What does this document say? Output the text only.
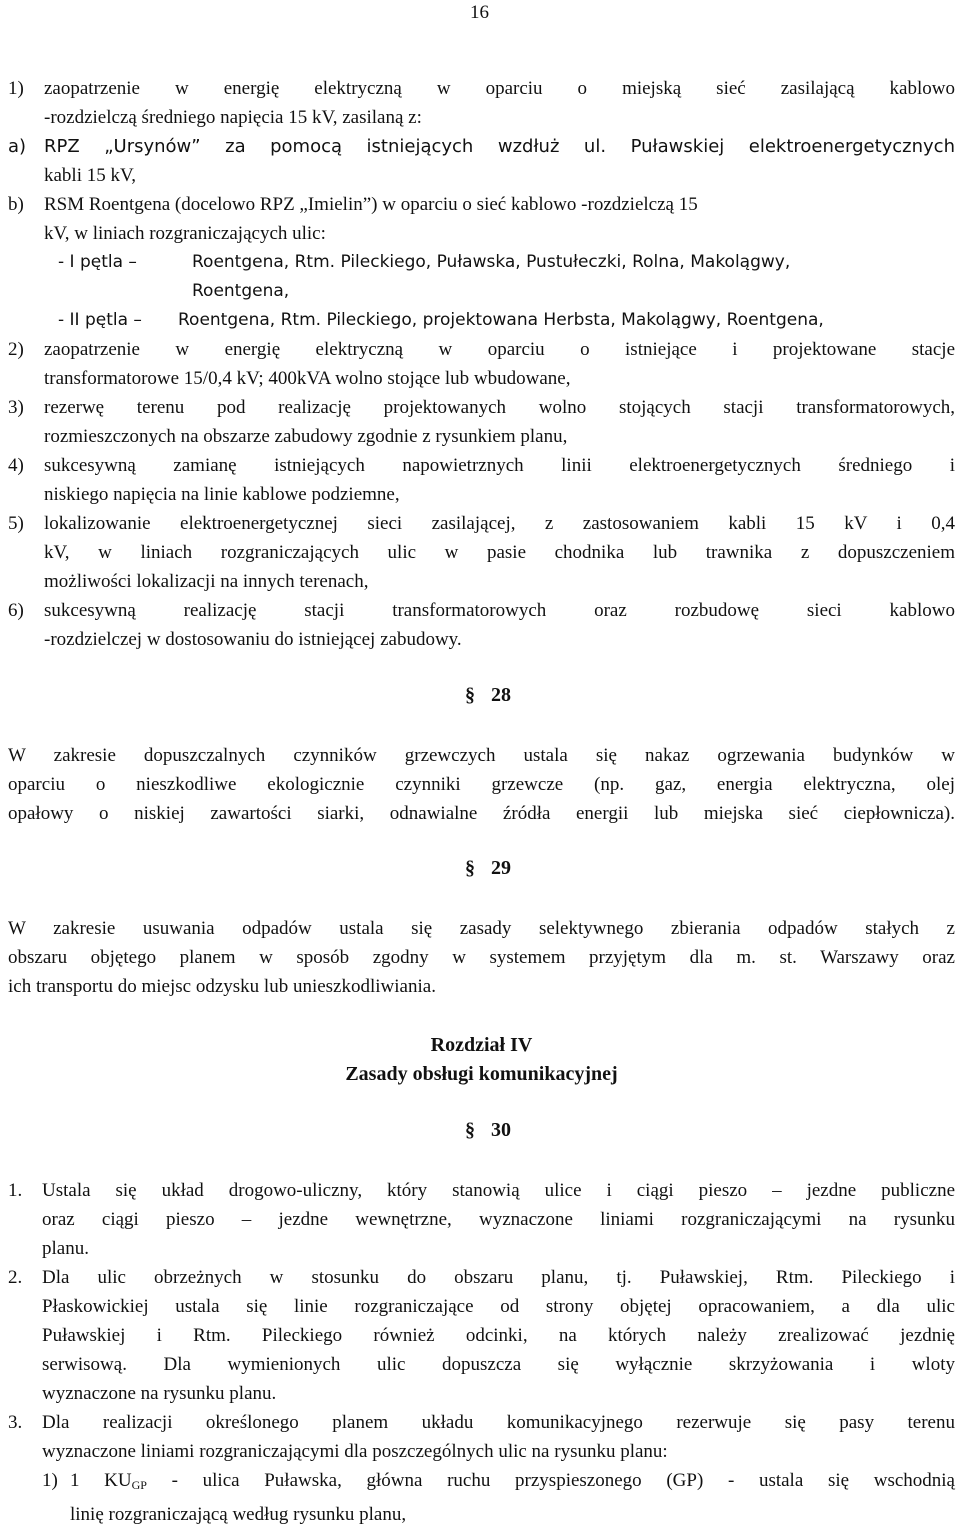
16
1)	zaopatrzenie w energię elektryczną w oparciu o miejską sieć zasilającą kablowo
-rozdzielczą średniego napięcia 15 kV, zasilaną z:
a) RPZ „Ursynów” za pomocą istniejących wzdłuż ul. Puławskiej elektroenergetycznych
kabli 15 kV,
b)	RSM Roentgena (docelowo RPZ „Imielin”) w oparciu o sieć kablowo -rozdzielczą 15
kV, w liniach rozgraniczających ulic:
- I pętla –	Roentgena, Rtm. Pileckiego, Puławska, Pustułeczki, Rolna, Makolągwy,
Roentgena,
- II pętla –	Roentgena, Rtm. Pileckiego, projektowana Herbsta, Makolągwy, Roentgena,
2)	zaopatrzenie w energię elektryczną w oparciu o istniejące i projektowane stacje
transformatorowe 15/0,4 kV; 400kVA wolno stojące lub wbudowane,
3)	rezerwę terenu pod realizację projektowanych wolno stojących stacji transformatorowych,
rozmieszczonych na obszarze zabudowy zgodnie z rysunkiem planu,
4)	sukcesywną zamianę istniejących napowietrznych linii elektroenergetycznych średniego i
niskiego napięcia na linie kablowe podziemne,
5)	lokalizowanie elektroenergetycznej sieci zasilającej, z zastosowaniem kabli 15 kV i 0,4
kV, w liniach rozgraniczających ulic w pasie chodnika lub trawnika z dopuszczeniem
możliwości lokalizacji na innych terenach,
6)	sukcesywną realizację stacji transformatorowych oraz rozbudowę sieci kablowo
-rozdzielczej w dostosowaniu do istniejącej zabudowy.
§ 28
W zakresie dopuszczalnych czynników grzewczych ustala się nakaz ogrzewania budynków w
oparciu o nieszkodliwe ekologicznie czynniki grzewcze (np. gaz, energia elektryczna, olej
opałowy o niskiej zawartości siarki, odnawialne źródła energii lub miejska sieć ciepłownicza).
§ 29
W zakresie usuwania odpadów ustala się zasady selektywnego zbierania odpadów stałych z
obszaru objętego planem w sposób zgodny w systemem przyjętym dla m. st. Warszawy oraz
ich transportu do miejsc odzysku lub unieszkodliwiania.
Rozdział IV
Zasady obsługi komunikacyjnej
§ 30
1.	Ustala się układ drogowo-uliczny, który stanowią ulice i ciągi pieszo – jezdne publiczne
oraz ciągi pieszo – jezdne wewnętrzne, wyznaczone liniami rozgraniczającymi na rysunku
planu.
2.	Dla ulic obrzeżnych w stosunku do obszaru planu, tj. Puławskiej, Rtm. Pileckiego i
Płaskowickiej ustala się linie rozgraniczające od strony objętej opracowaniem, a dla ulic
Puławskiej i Rtm. Pileckiego również odcinki, na których należy zrealizować jezdnię
serwisową. Dla wymienionych ulic dopuszcza się wyłącznie skrzyżowania i wloty
wyznaczone na rysunku planu.
3.	Dla realizacji określonego planem układu komunikacyjnego rezerwuje się pasy terenu
wyznaczone liniami rozgraniczającymi dla poszczególnych ulic na rysunku planu:
1) 1 $KU_{GP}$ - ulica Puławska, główna ruchu przyspieszonego (GP) - ustala się wschodnią
linię rozgraniczającą według rysunku planu,
